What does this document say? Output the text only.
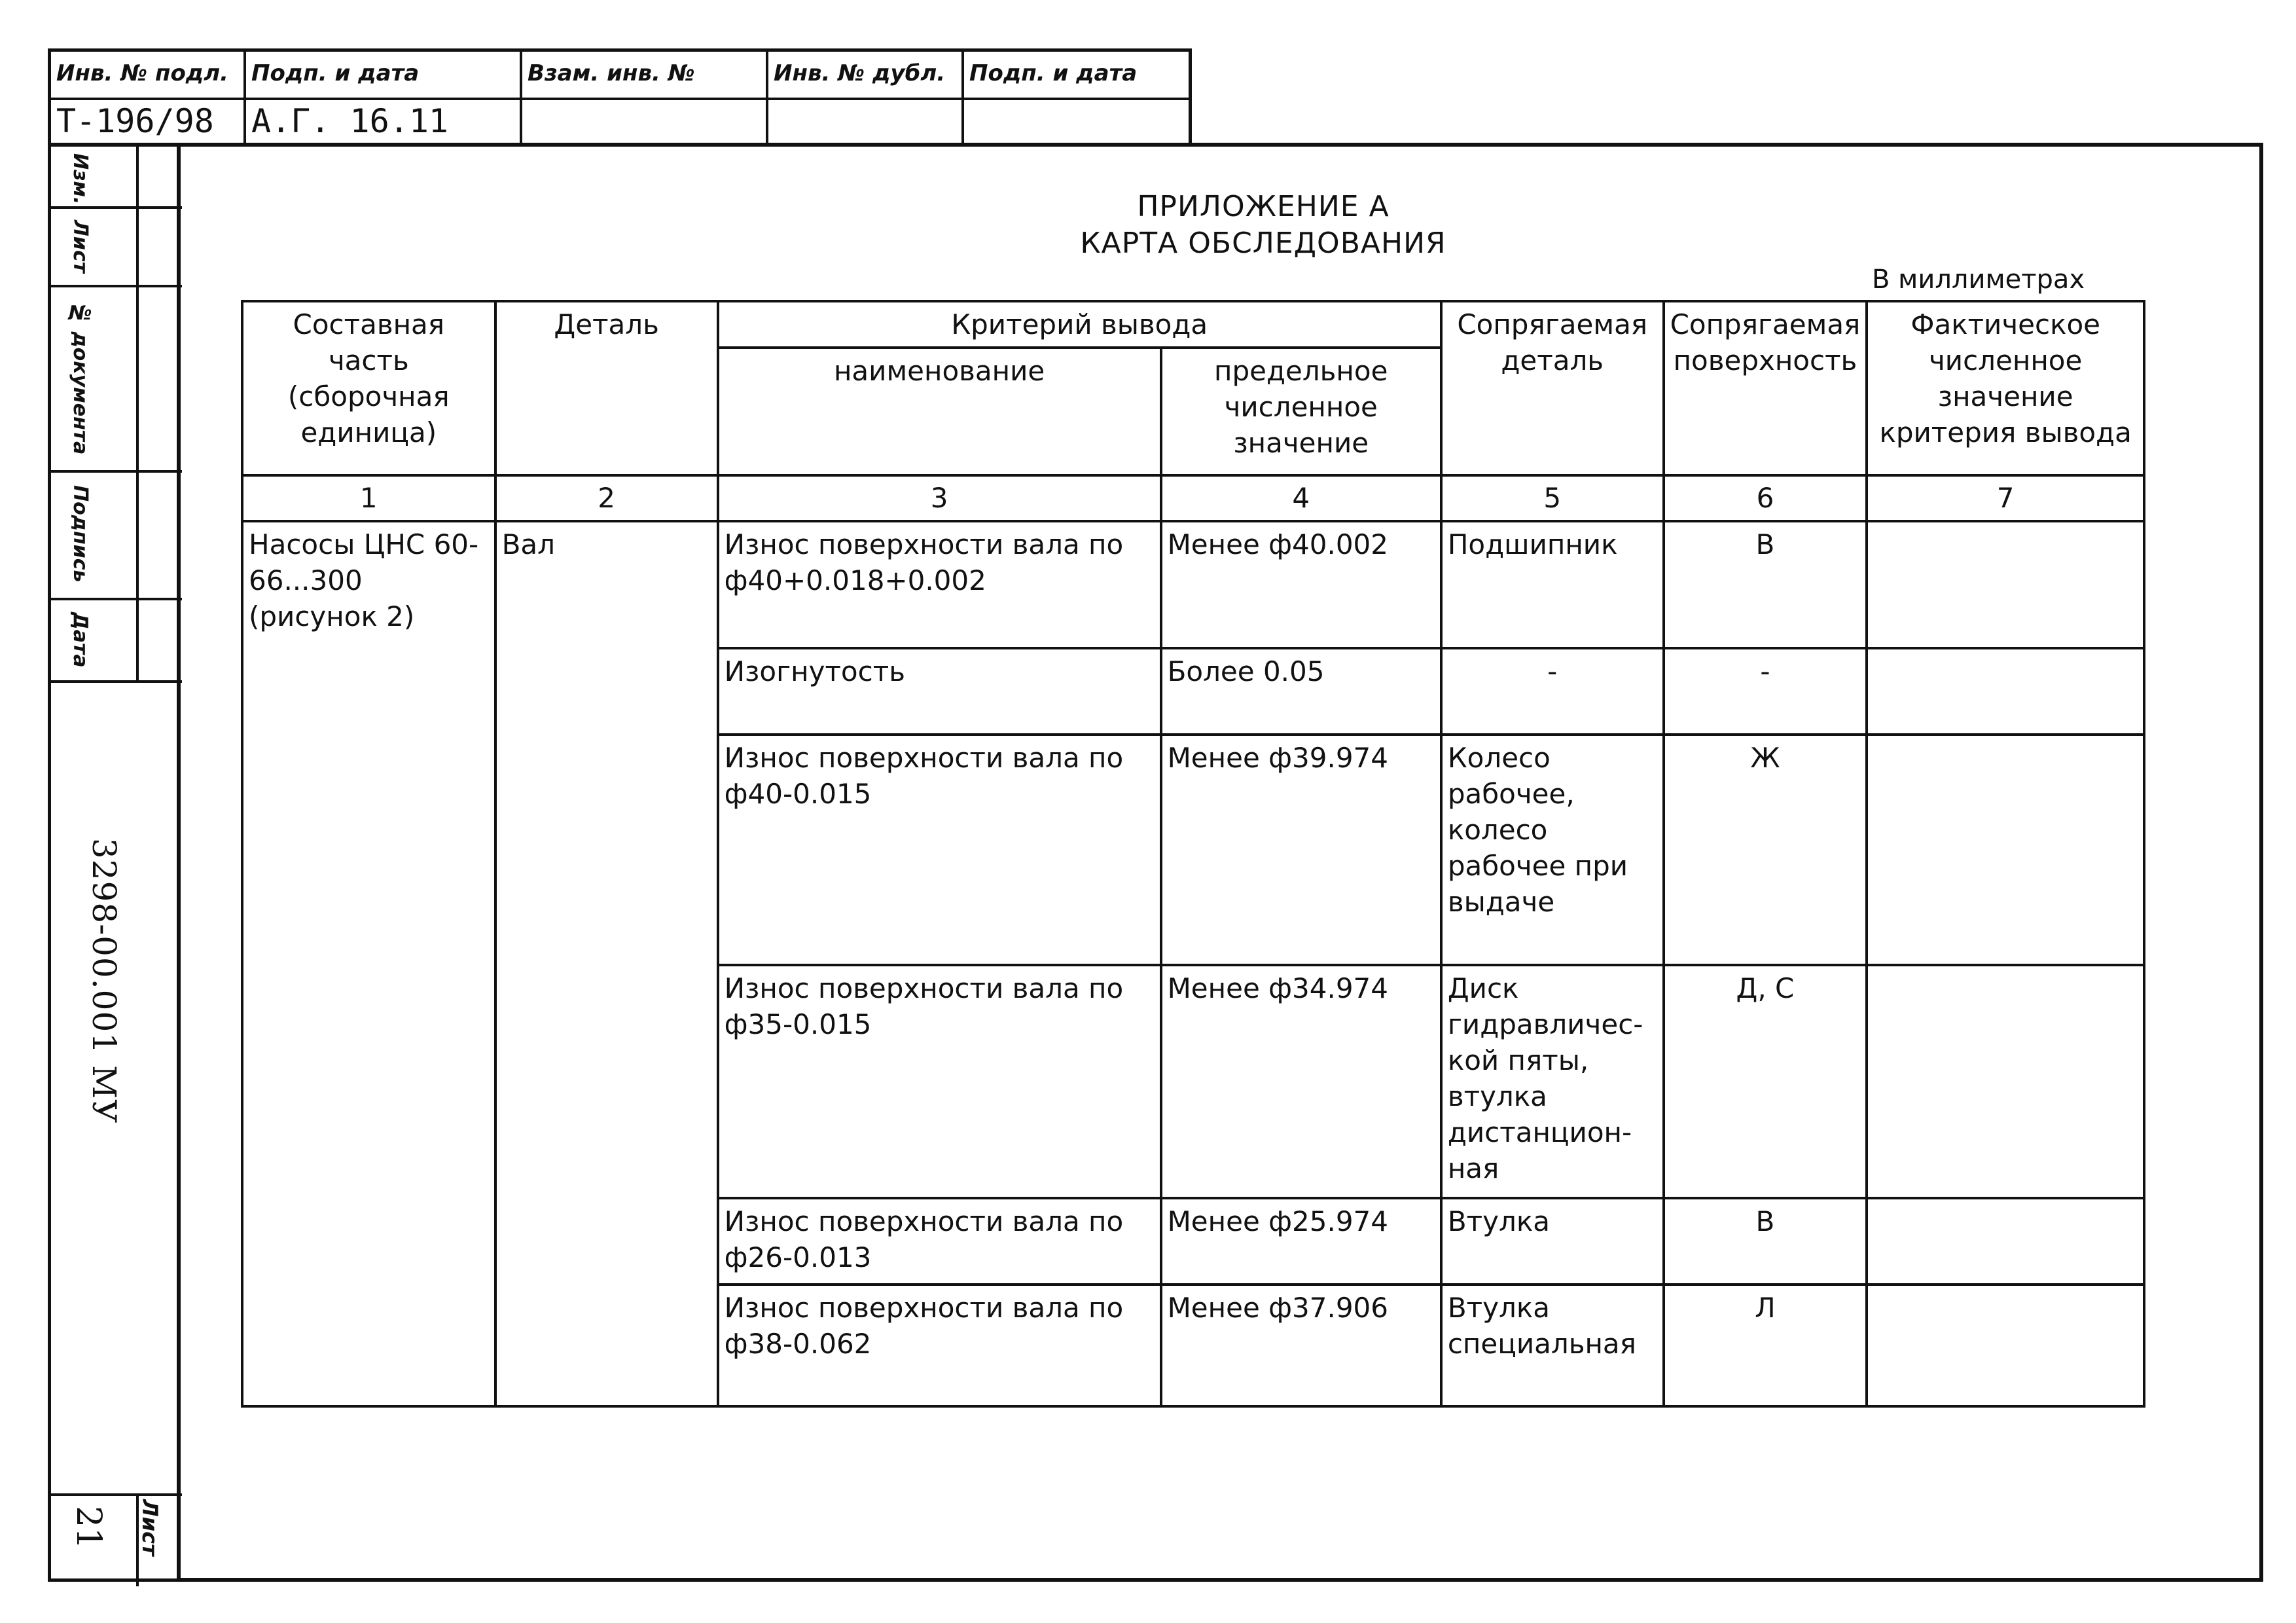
Инв. № подл.	Подп. и дата	Взам. инв. №	Инв. № дубл.	Подп. и дата
Т-196/98	А.Г. 16.11
Изм.
Лист
№ документа
Подпись
Дата
3298-00.001 МУ
Лист
21
ПРИЛОЖЕНИЕ А
КАРТА ОБСЛЕДОВАНИЯ
В миллиметрах
Составная часть (сборочная единица)	Деталь	Критерий вывода		Сопрягаемая деталь	Сопрягаемая поверхность	Фактическое численное значение критерия вывода
		наименование	предельное численное значение			
1	2	3	4	5	6	7
Насосы ЦНС 60-66...300 (рисунок 2)	Вал	Износ поверхности вала по ф40+0.018+0.002	Менее ф40.002	Подшипник	В	
		Изогнутость	Более 0.05	-	-	
		Износ поверхности вала по ф40-0.015	Менее ф39.974	Колесо рабочее, колесо рабочее при выдаче	Ж	
		Износ поверхности вала по ф35-0.015	Менее ф34.974	Диск гидравличес-кой пяты, втулка дистанцион-ная	Д, С	
		Износ поверхности вала по ф26-0.013	Менее ф25.974	Втулка	В	
		Износ поверхности вала по ф38-0.062	Менее ф37.906	Втулка специальная	Л	
